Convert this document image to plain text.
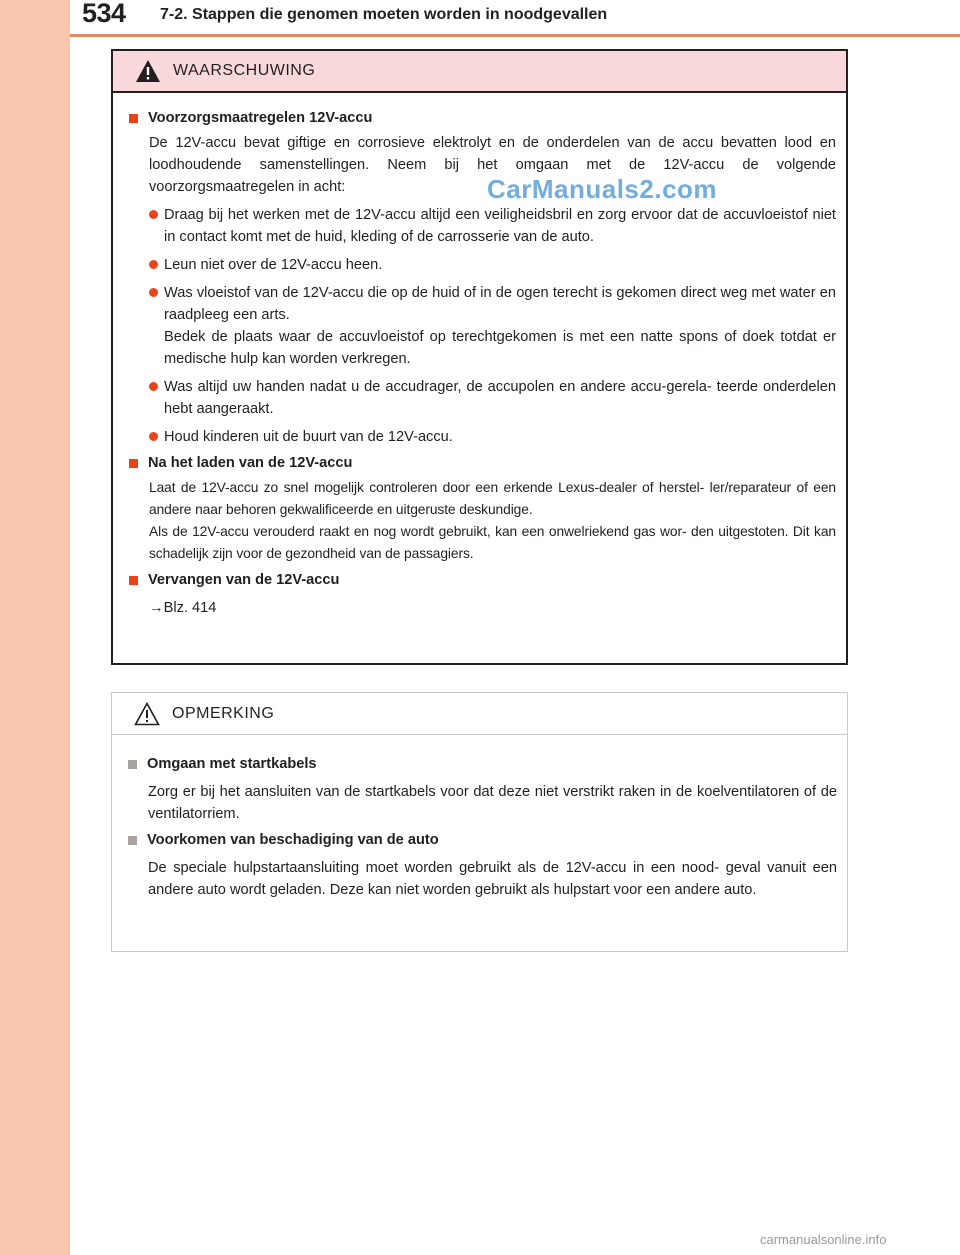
534 7-2. Stappen die genomen moeten worden in noodgevallen
WAARSCHUWING
Voorzorgsmaatregelen 12V-accu
De 12V-accu bevat giftige en corrosieve elektrolyt en de onderdelen van de accu bevatten lood en loodhoudende samenstellingen. Neem bij het omgaan met de 12V-accu de volgende voorzorgsmaatregelen in acht:
Draag bij het werken met de 12V-accu altijd een veiligheidsbril en zorg ervoor dat de accuvloeistof niet in contact komt met de huid, kleding of de carrosserie van de auto.
Leun niet over de 12V-accu heen.
Was vloeistof van de 12V-accu die op de huid of in de ogen terecht is gekomen direct weg met water en raadpleeg een arts.
Bedek de plaats waar de accuvloeistof op terechtgekomen is met een natte spons of doek totdat er medische hulp kan worden verkregen.
Was altijd uw handen nadat u de accudrager, de accupolen en andere accu-gerela- teerde onderdelen hebt aangeraakt.
Houd kinderen uit de buurt van de 12V-accu.
Na het laden van de 12V-accu
Laat de 12V-accu zo snel mogelijk controleren door een erkende Lexus-dealer of herstel- ler/reparateur of een andere naar behoren gekwalificeerde en uitgeruste deskundige.
Als de 12V-accu verouderd raakt en nog wordt gebruikt, kan een onwelriekend gas wor- den uitgestoten. Dit kan schadelijk zijn voor de gezondheid van de passagiers.
Vervangen van de 12V-accu
→Blz. 414
OPMERKING
Omgaan met startkabels
Zorg er bij het aansluiten van de startkabels voor dat deze niet verstrikt raken in de koelventilatoren of de ventilatorriem.
Voorkomen van beschadiging van de auto
De speciale hulpstartaansluiting moet worden gebruikt als de 12V-accu in een nood- geval vanuit een andere auto wordt geladen. Deze kan niet worden gebruikt als hulpstart voor een andere auto.
CarManuals2.com
carmanualsonline.info
